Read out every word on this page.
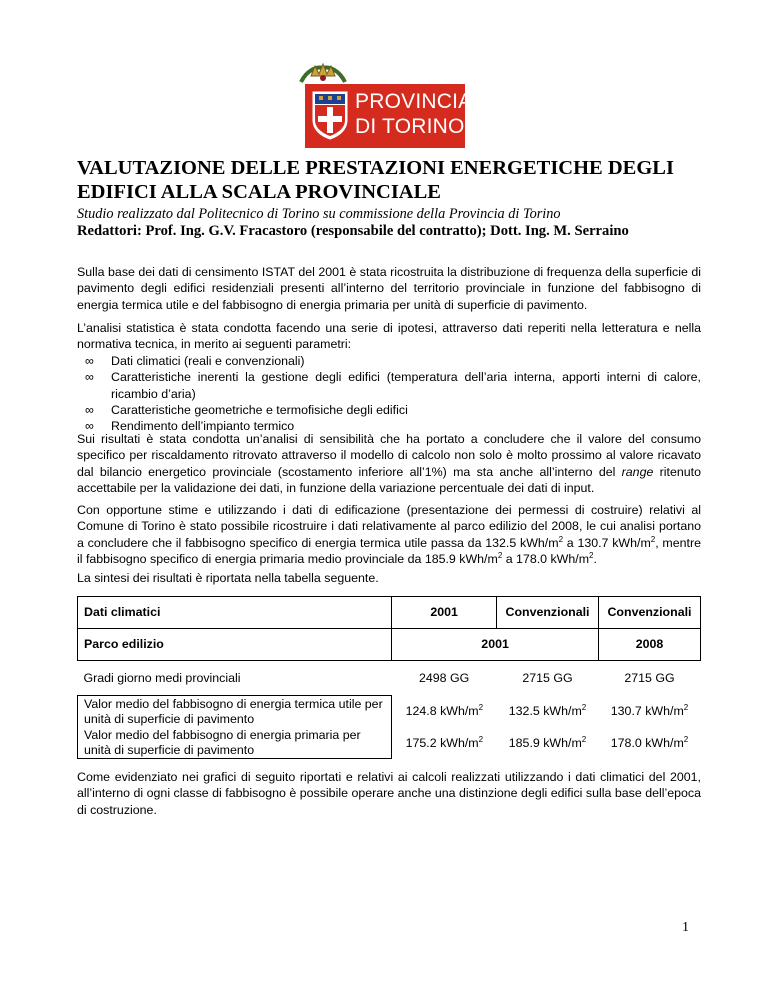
PROVINCIA
DI TORINO
VALUTAZIONE DELLE PRESTAZIONI ENERGETICHE DEGLI EDIFICI ALLA SCALA PROVINCIALE
Studio realizzato dal Politecnico di Torino su commissione della Provincia di Torino
Redattori: Prof. Ing. G.V. Fracastoro (responsabile del contratto); Dott. Ing. M. Serraino

Sulla base dei dati di censimento ISTAT del 2001 è stata ricostruita la distribuzione di frequenza della superficie di pavimento degli edifici residenziali presenti all’interno del territorio provinciale in funzione del fabbisogno di energia termica utile e del fabbisogno di energia primaria per unità di superficie di pavimento.

L’analisi statistica è stata condotta facendo una serie di ipotesi, attraverso dati reperiti nella letteratura e nella normativa tecnica, in merito ai seguenti parametri:

∞ Dati climatici (reali e convenzionali)
∞ Caratteristiche inerenti la gestione degli edifici (temperatura dell’aria interna, apporti interni di calore, ricambio d’aria)
∞ Caratteristiche geometriche e termofisiche degli edifici
∞ Rendimento dell’impianto termico

Sui risultati è stata condotta un’analisi di sensibilità che ha portato a concludere che il valore del consumo specifico per riscaldamento ritrovato attraverso il modello di calcolo non solo è molto prossimo al valore ricavato dal bilancio energetico provinciale (scostamento inferiore all’1%) ma sta anche all’interno del range ritenuto accettabile per la validazione dei dati, in funzione della variazione percentuale dei dati di input.

Con opportune stime e utilizzando i dati di edificazione (presentazione dei permessi di costruire) relativi al Comune di Torino è stato possibile ricostruire i dati relativamente al parco edilizio del 2008, le cui analisi portano a concludere che il fabbisogno specifico di energia termica utile passa da 132.5 kWh/$m^2$ a 130.7 kWh/$m^2$, mentre il fabbisogno specifico di energia primaria medio provinciale da 185.9 kWh/$m^2$ a 178.0 kWh/$m^2$.

La sintesi dei risultati è riportata nella tabella seguente.

Dati climatici	2001	Convenzionali	Convenzionali
Parco edilizio	2001		2008
Gradi giorno medi provinciali	2498 GG	2715 GG	2715 GG
Valor medio del fabbisogno di energia termica utile per unità di superficie di pavimento	124.8 kWh/$m^2$	132.5 kWh/$m^2$	130.7 kWh/$m^2$
Valor medio del fabbisogno di energia primaria per unità di superficie di pavimento	175.2 kWh/$m^2$	185.9 kWh/$m^2$	178.0 kWh/$m^2$

Come evidenziato nei grafici di seguito riportati e relativi ai calcoli realizzati utilizzando i dati climatici del 2001, all’interno di ogni classe di fabbisogno è possibile operare anche una distinzione degli edifici sulla base dell’epoca di costruzione.

1
